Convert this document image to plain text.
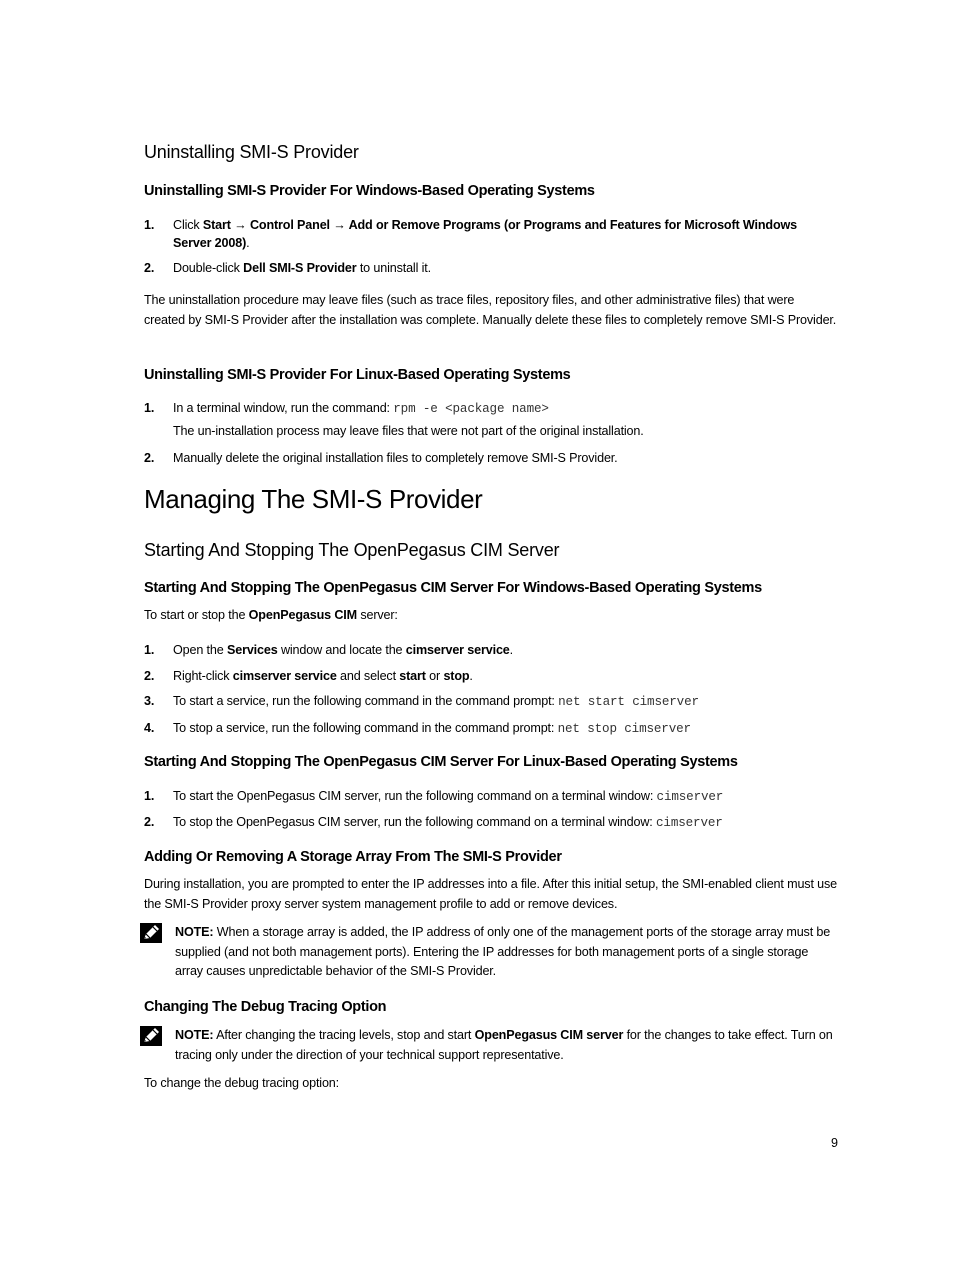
Uninstalling SMI-S Provider
Uninstalling SMI-S Provider For Windows-Based Operating Systems
1. Click Start → Control Panel → Add or Remove Programs (or Programs and Features for Microsoft Windows Server 2008).
2. Double-click Dell SMI-S Provider to uninstall it.
The uninstallation procedure may leave files (such as trace files, repository files, and other administrative files) that were created by SMI-S Provider after the installation was complete. Manually delete these files to completely remove SMI-S Provider.
Uninstalling SMI-S Provider For Linux-Based Operating Systems
1. In a terminal window, run the command: rpm -e <package name>
The un-installation process may leave files that were not part of the original installation.
2. Manually delete the original installation files to completely remove SMI-S Provider.
Managing The SMI-S Provider
Starting And Stopping The OpenPegasus CIM Server
Starting And Stopping The OpenPegasus CIM Server For Windows-Based Operating Systems
To start or stop the OpenPegasus CIM server:
1. Open the Services window and locate the cimserver service.
2. Right-click cimserver service and select start or stop.
3. To start a service, run the following command in the command prompt: net start cimserver
4. To stop a service, run the following command in the command prompt: net stop cimserver
Starting And Stopping The OpenPegasus CIM Server For Linux-Based Operating Systems
1. To start the OpenPegasus CIM server, run the following command on a terminal window: cimserver
2. To stop the OpenPegasus CIM server, run the following command on a terminal window: cimserver
Adding Or Removing A Storage Array From The SMI-S Provider
During installation, you are prompted to enter the IP addresses into a file. After this initial setup, the SMI-enabled client must use the SMI-S Provider proxy server system management profile to add or remove devices.
NOTE: When a storage array is added, the IP address of only one of the management ports of the storage array must be supplied (and not both management ports). Entering the IP addresses for both management ports of a single storage array causes unpredictable behavior of the SMI-S Provider.
Changing The Debug Tracing Option
NOTE: After changing the tracing levels, stop and start OpenPegasus CIM server for the changes to take effect. Turn on tracing only under the direction of your technical support representative.
To change the debug tracing option:
9
